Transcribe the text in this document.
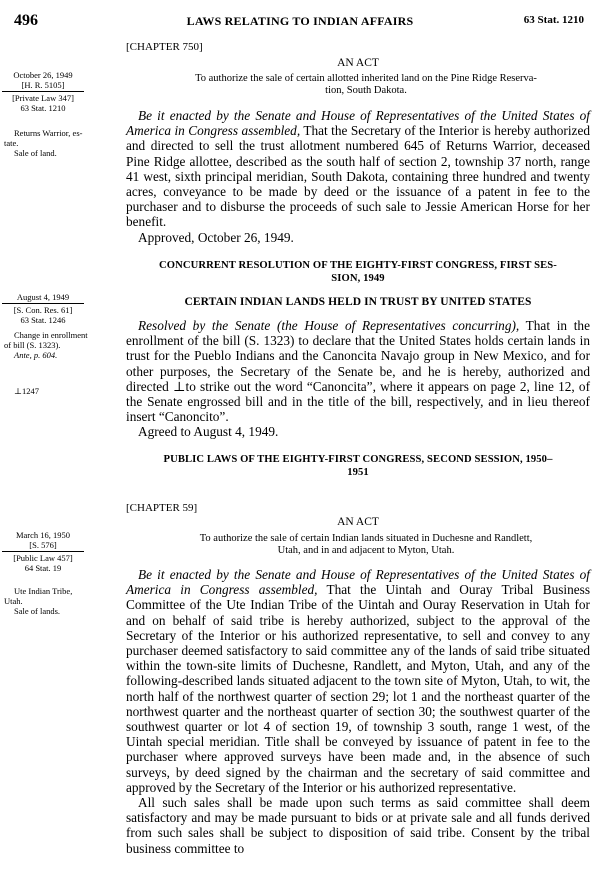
496	LAWS RELATING TO INDIAN AFFAIRS	63 Stat. 1210
[CHAPTER 750]
AN ACT
To authorize the sale of certain allotted inherited land on the Pine Ridge Reserva-
tion, South Dakota.
October 26, 1949
[H. R. 5105]
[Private Law 347]
63 Stat. 1210
Returns Warrior, es-
tate.
Sale of land.

Be it enacted by the Senate and House of Representatives of the United States of America in Congress assembled, That the Secretary of the Interior is hereby authorized and directed to sell the trust allotment numbered 645 of Returns Warrior, deceased Pine Ridge allottee, described as the south half of section 2, township 37 north, range 41 west, sixth principal meridian, South Dakota, containing three hundred and twenty acres, conveyance to be made by deed or the issuance of a patent in fee to the purchaser and to disburse the proceeds of such sale to Jessie American Horse for her benefit.

Approved, October 26, 1949.

CONCURRENT RESOLUTION OF THE EIGHTY-FIRST CONGRESS, FIRST SES-
SION, 1949
CERTAIN INDIAN LANDS HELD IN TRUST BY UNITED STATES
August 4, 1949
[S. Con. Res. 61]
63 Stat. 1246
Change in enrollment
of bill (S. 1323).
Ante, p. 604.
⊥1247

Resolved by the Senate (the House of Representatives concurring), That in the enrollment of the bill (S. 1323) to declare that the United States holds certain lands in trust for the Pueblo Indians and the Canoncita Navajo group in New Mexico, and for other purposes, the Secretary of the Senate be, and he is hereby, authorized and directed ⊥to strike out the word “Canoncita”, where it appears on page 2, line 12, of the Senate engrossed bill and in the title of the bill, respectively, and in lieu thereof insert “Canoncito”.

Agreed to August 4, 1949.

PUBLIC LAWS OF THE EIGHTY-FIRST CONGRESS, SECOND SESSION, 1950–
1951
[CHAPTER 59]
AN ACT
To authorize the sale of certain Indian lands situated in Duchesne and Randlett,
Utah, and in and adjacent to Myton, Utah.
March 16, 1950
[S. 576]
[Public Law 457]
64 Stat. 19
Ute Indian Tribe,
Utah.
Sale of lands.

Be it enacted by the Senate and House of Representatives of the United States of America in Congress assembled, That the Uintah and Ouray Tribal Business Committee of the Ute Indian Tribe of the Uintah and Ouray Reservation in Utah for and on behalf of said tribe is hereby authorized, subject to the approval of the Secretary of the Interior or his authorized representative, to sell and convey to any purchaser deemed satisfactory to said committee any of the lands of said tribe situated within the town-site limits of Duchesne, Randlett, and Myton, Utah, and any of the following-described lands situated adjacent to the town site of Myton, Utah, to wit, the north half of the northwest quarter of section 29; lot 1 and the northeast quarter of the northwest quarter and the northeast quarter of section 30; the southwest quarter of the southwest quarter or lot 4 of section 19, of township 3 south, range 1 west, of the Uintah special meridian. Title shall be conveyed by issuance of patent in fee to the purchaser where approved surveys have been made and, in the absence of such surveys, by deed signed by the chairman and the secretary of said committee and approved by the Secretary of the Interior or his authorized representative.

All such sales shall be made upon such terms as said committee shall deem satisfactory and may be made pursuant to bids or at private sale and all funds derived from such sales shall be subject to disposition of said tribe. Consent by the tribal business committee to
